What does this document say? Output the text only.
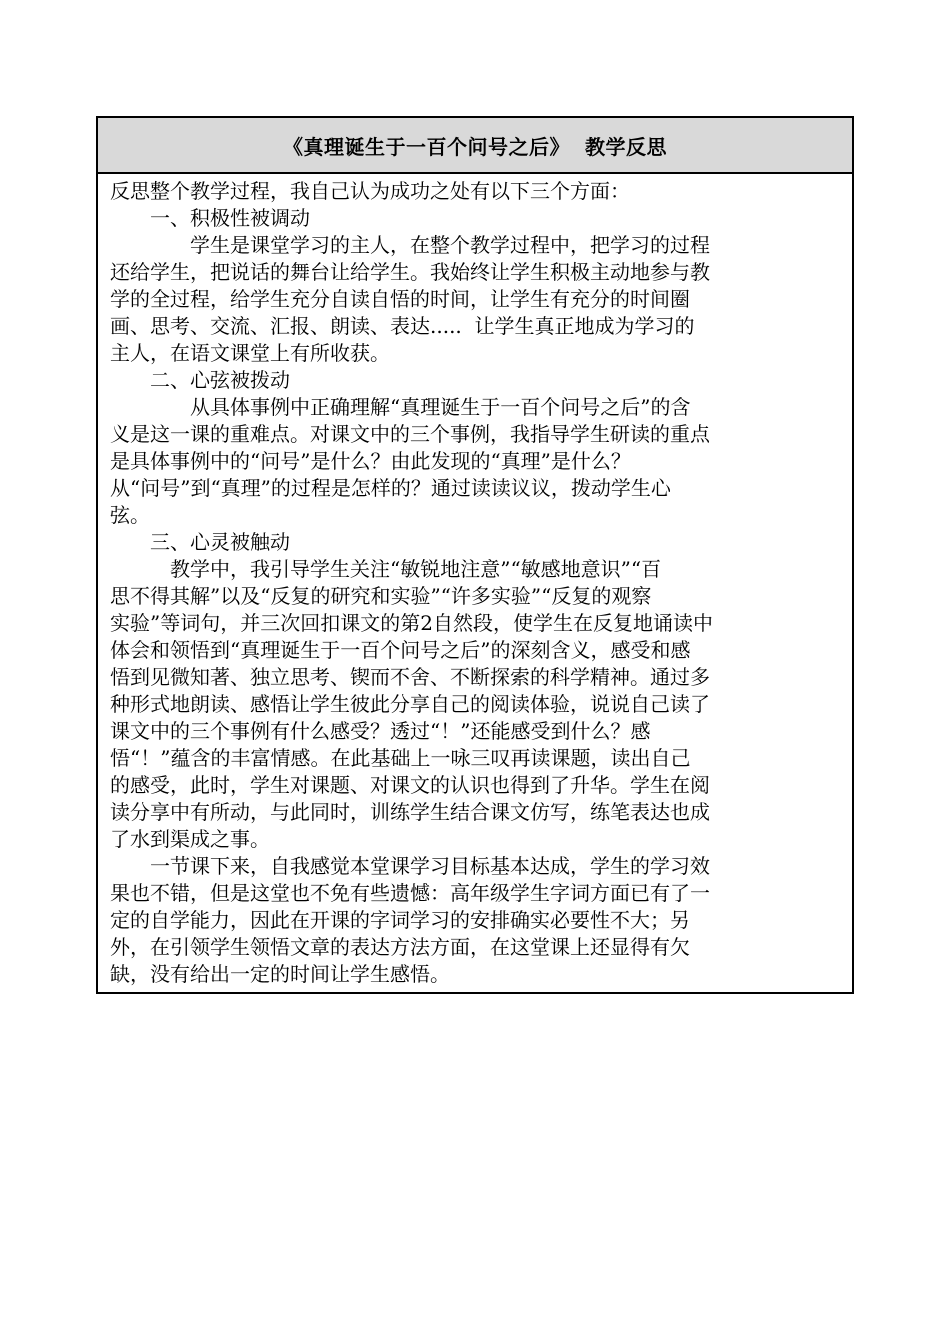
《真理诞生于一百个问号之后》  教学反思
反思整个教学过程，我自己认为成功之处有以下三个方面：
　　一、积极性被调动
　　　　学生是课堂学习的主人，在整个教学过程中，把学习的过程
还给学生，把说话的舞台让给学生。我始终让学生积极主动地参与教
学的全过程，给学生充分自读自悟的时间，让学生有充分的时间圈
画、思考、交流、汇报、朗读、表达.....  让学生真正地成为学习的
主人，在语文课堂上有所收获。
　　二、心弦被拨动
　　　　从具体事例中正确理解“真理诞生于一百个问号之后”的含
义是这一课的重难点。对课文中的三个事例，我指导学生研读的重点
是具体事例中的“问号”是什么？由此发现的“真理”是什么？
从“问号”到“真理”的过程是怎样的？通过读读议议，拨动学生心
弦。
　　三、心灵被触动
　　　教学中，我引导学生关注“敏锐地注意”“敏感地意识”“百
思不得其解”以及“反复的研究和实验”“许多实验”“反复的观察
实验”等词句，并三次回扣课文的第2自然段，使学生在反复地诵读中
体会和领悟到“真理诞生于一百个问号之后”的深刻含义，感受和感
悟到见微知著、独立思考、锲而不舍、不断探索的科学精神。通过多
种形式地朗读、感悟让学生彼此分享自己的阅读体验，说说自己读了
课文中的三个事例有什么感受？透过“！”还能感受到什么？感
悟“！”蕴含的丰富情感。在此基础上一咏三叹再读课题，读出自己
的感受，此时，学生对课题、对课文的认识也得到了升华。学生在阅
读分享中有所动，与此同时，训练学生结合课文仿写，练笔表达也成
了水到渠成之事。
　　一节课下来，自我感觉本堂课学习目标基本达成，学生的学习效
果也不错，但是这堂也不免有些遗憾：高年级学生字词方面已有了一
定的自学能力，因此在开课的字词学习的安排确实必要性不大；另
外，在引领学生领悟文章的表达方法方面，在这堂课上还显得有欠
缺，没有给出一定的时间让学生感悟。
